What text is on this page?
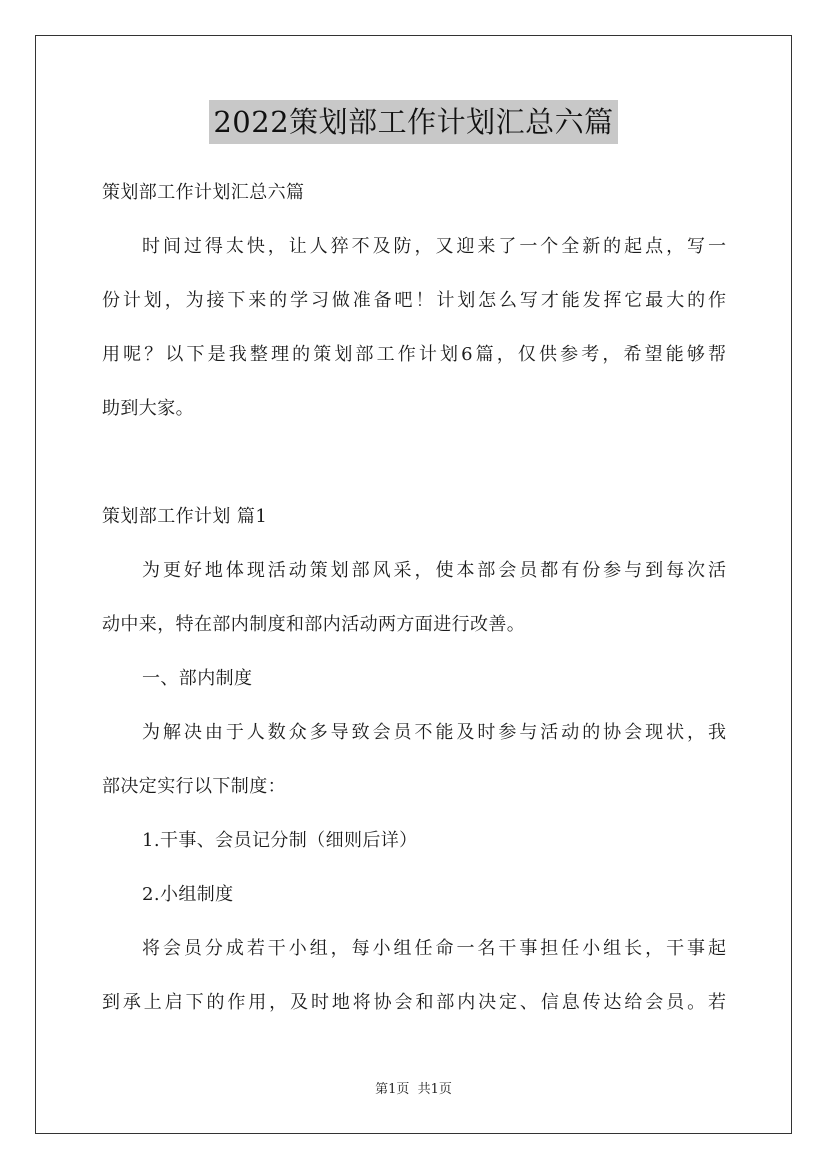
2022策划部工作计划汇总六篇
策划部工作计划汇总六篇
时间过得太快，让人猝不及防，又迎来了一个全新的起点，写一
份计划，为接下来的学习做准备吧！计划怎么写才能发挥它最大的作
用呢？以下是我整理的策划部工作计划6篇，仅供参考，希望能够帮
助到大家。
策划部工作计划 篇1
为更好地体现活动策划部风采，使本部会员都有份参与到每次活
动中来，特在部内制度和部内活动两方面进行改善。
一、部内制度
为解决由于人数众多导致会员不能及时参与活动的协会现状，我
部决定实行以下制度：
1.干事、会员记分制（细则后详）
2.小组制度
将会员分成若干小组，每小组任命一名干事担任小组长，干事起
到承上启下的作用，及时地将协会和部内决定、信息传达给会员。若
第1页 共1页
